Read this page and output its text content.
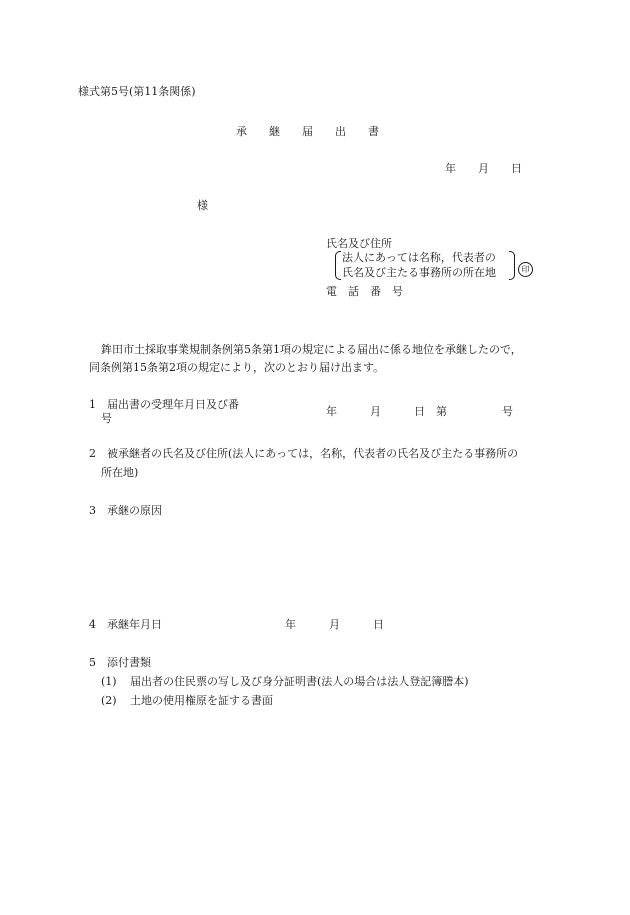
様式第5号(第11条関係)
承　　継　　届　　出　　書
年　　月　　日
様
氏名及び住所
法人にあっては名称，代表者の
氏名及び主たる事務所の所在地	印
電　話　番　号
鉾田市土採取事業規制条例第5条第1項の規定による届出に係る地位を承継したので，
同条例第15条第2項の規定により，次のとおり届け出ます。
1 届出書の受理年月日及び番
号
年　　　月　　　日　第　　　　　号
2 被承継者の氏名及び住所(法人にあっては，名称，代表者の氏名及び主たる事務所の
所在地)
3 承継の原因
4 承継年月日	年　　　月　　　日
5 添付書類
(1) 届出者の住民票の写し及び身分証明書(法人の場合は法人登記簿謄本)
(2) 土地の使用権原を証する書面
